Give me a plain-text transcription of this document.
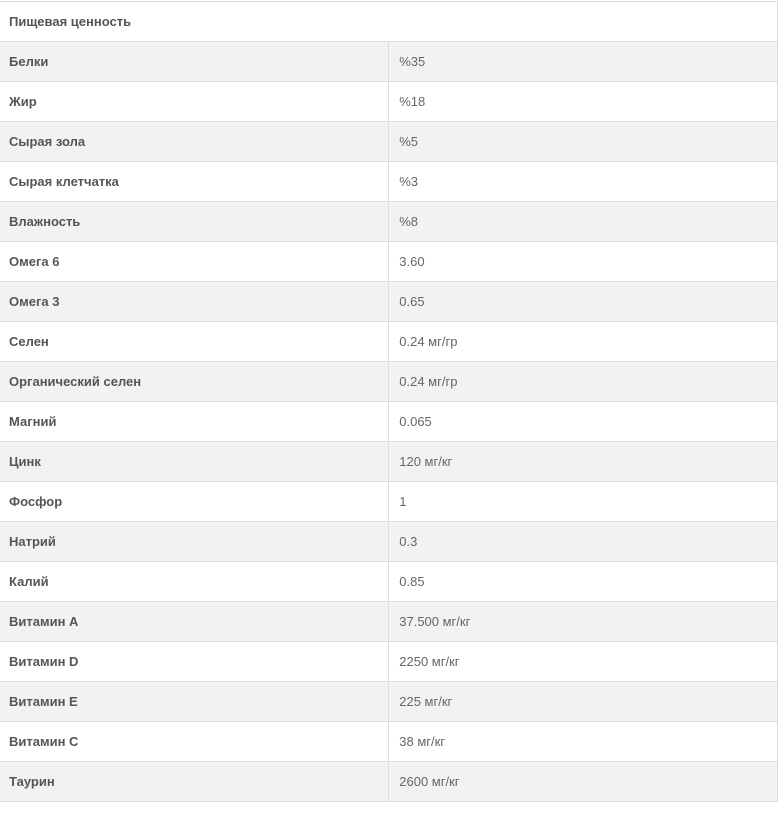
Пищевая ценность	
Белки	%35
Жир	%18
Сырая зола	%5
Сырая клетчатка	%3
Влажность	%8
Омега 6	3.60
Омега 3	0.65
Селен	0.24 мг/гр
Органический селен	0.24 мг/гр
Магний	0.065
Цинк	120 мг/кг
Фосфор	1
Натрий	0.3
Калий	0.85
Витамин А	37.500 мг/кг
Витамин D	2250 мг/кг
Витамин E	225 мг/кг
Витамин C	38 мг/кг
Таурин	2600 мг/кг
